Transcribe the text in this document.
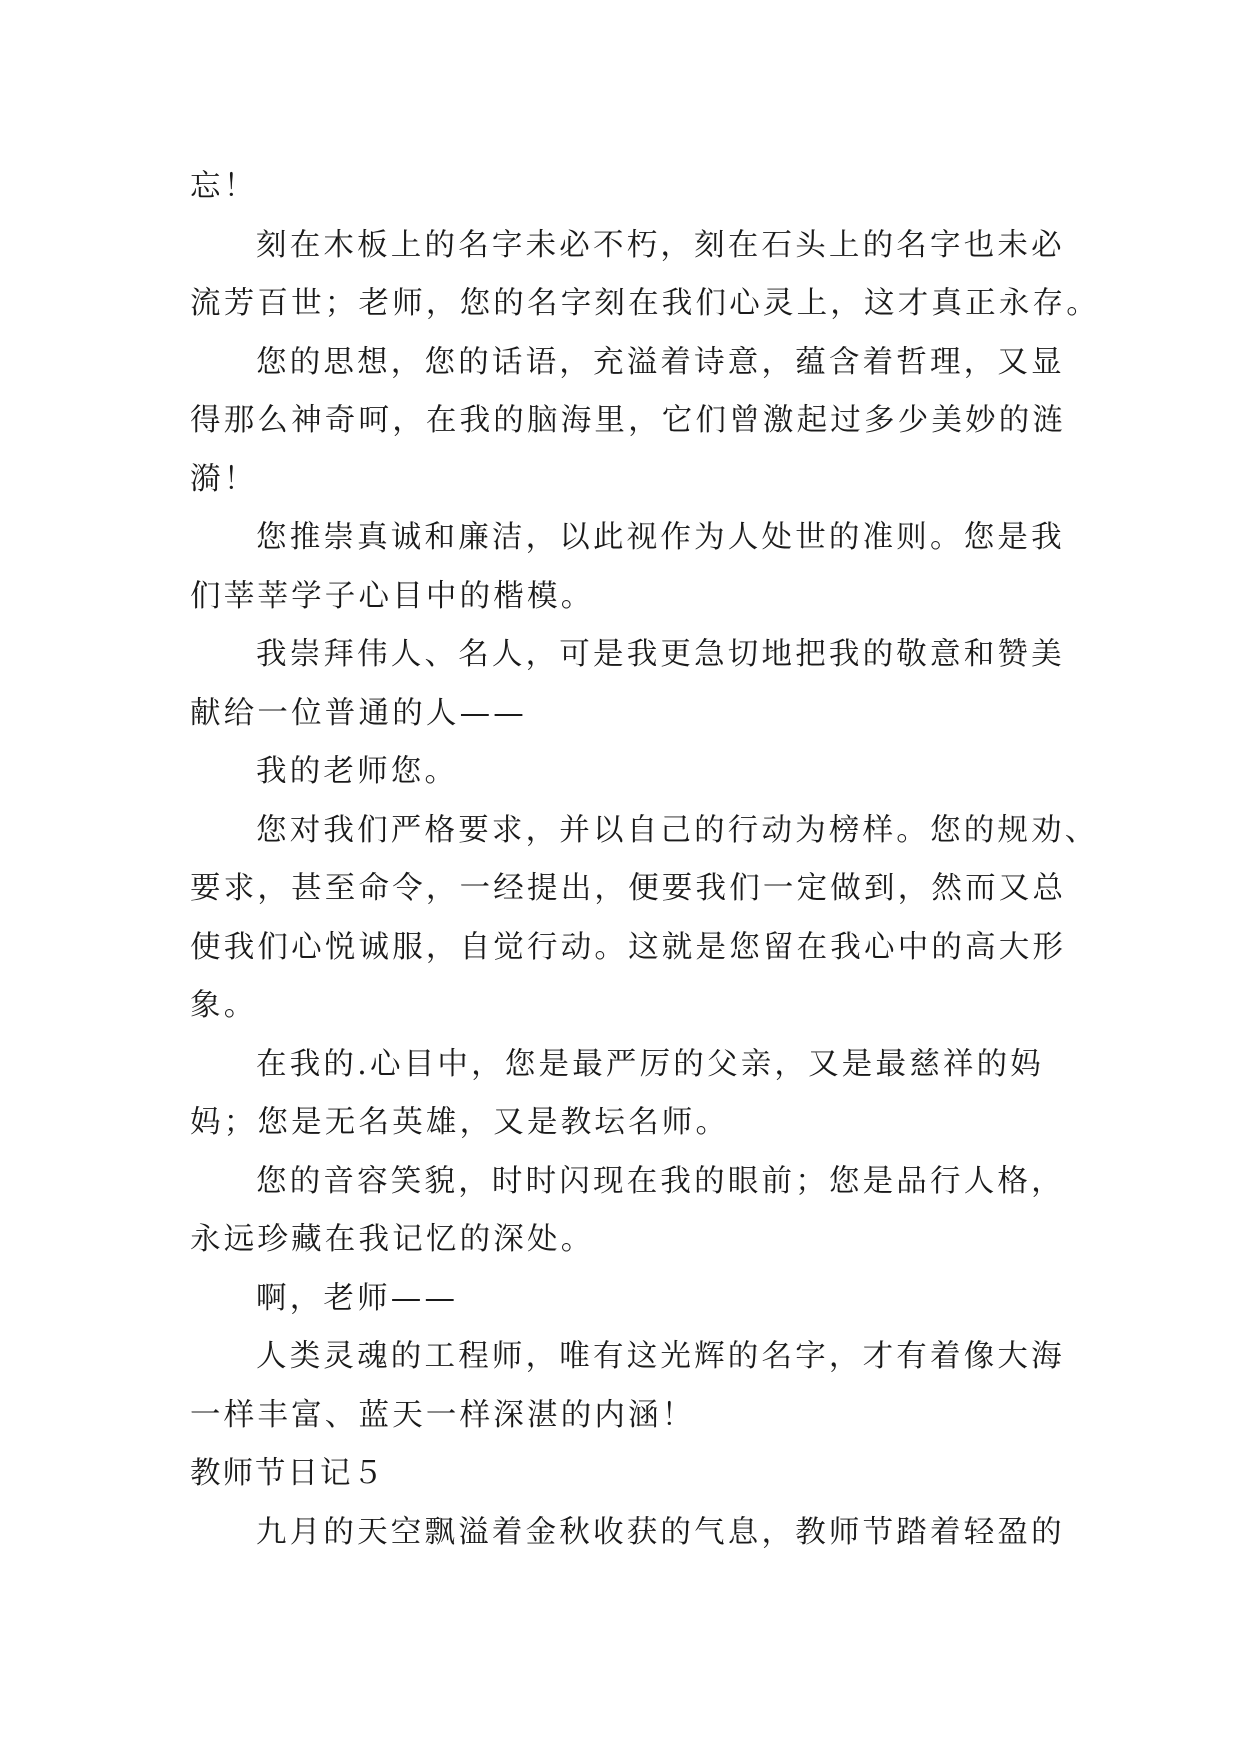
忘！
刻在木板上的名字未必不朽，刻在石头上的名字也未必
流芳百世；老师，您的名字刻在我们心灵上，这才真正永存。
您的思想，您的话语，充溢着诗意，蕴含着哲理，又显
得那么神奇呵，在我的脑海里，它们曾激起过多少美妙的涟
漪！
您推崇真诚和廉洁，以此视作为人处世的准则。您是我
们莘莘学子心目中的楷模。
我崇拜伟人、名人，可是我更急切地把我的敬意和赞美
献给一位普通的人——
我的老师您。
您对我们严格要求，并以自己的行动为榜样。您的规劝、
要求，甚至命令，一经提出，便要我们一定做到，然而又总
使我们心悦诚服，自觉行动。这就是您留在我心中的高大形
象。
在我的.心目中，您是最严厉的父亲，又是最慈祥的妈
妈；您是无名英雄，又是教坛名师。
您的音容笑貌，时时闪现在我的眼前；您是品行人格，
永远珍藏在我记忆的深处。
啊，老师——
人类灵魂的工程师，唯有这光辉的名字，才有着像大海
一样丰富、蓝天一样深湛的内涵！
教师节日记５
九月的天空飘溢着金秋收获的气息，教师节踏着轻盈的
